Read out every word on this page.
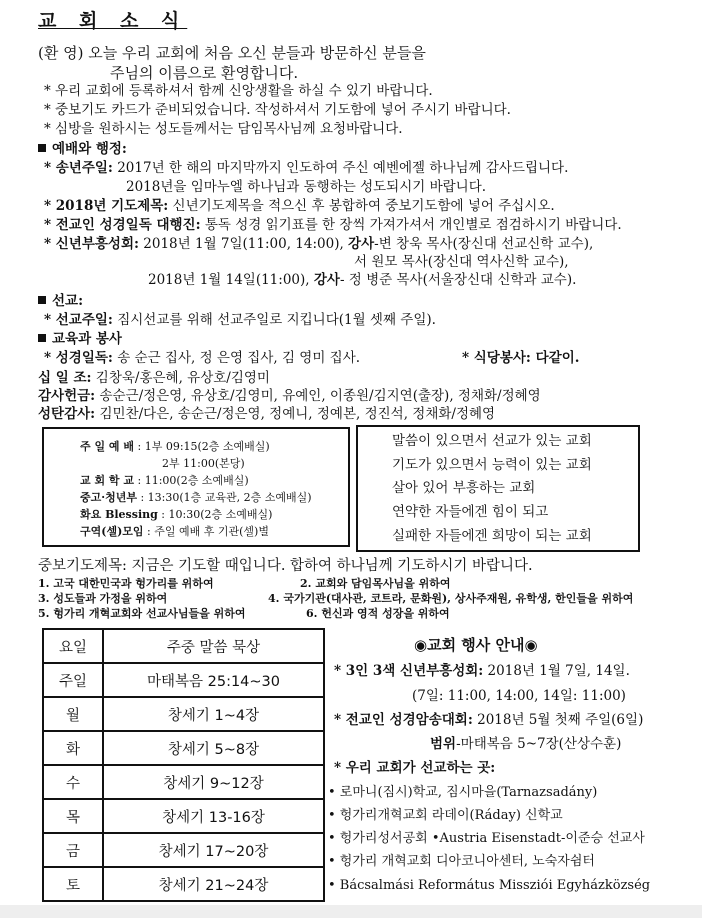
교 회 소 식
(환 영) 오늘 우리 교회에 처음 오신 분들과 방문하신 분들을
주님의 이름으로 환영합니다.
* 우리 교회에 등록하셔서 함께 신앙생활을 하실 수 있기 바랍니다.
* 중보기도 카드가 준비되었습니다. 작성하셔서 기도함에 넣어 주시기 바랍니다.
* 심방을 원하시는 성도들께서는 담임목사님께 요청바랍니다.
예배와 행정:
* 송년주일: 2017년 한 해의 마지막까지 인도하여 주신 예벤에젤 하나님께 감사드립니다.
2018년을 임마누엘 하나님과 동행하는 성도되시기 바랍니다.
* 2018년 기도제목: 신년기도제목을 적으신 후 봉합하여 중보기도함에 넣어 주십시오.
* 전교인 성경일독 대행진: 통독 성경 읽기표를 한 장씩 가져가셔서 개인별로 점검하시기 바랍니다.
* 신년부흥성회: 2018년 1월 7일(11:00, 14:00), 강사-변 창욱 목사(장신대 선교신학 교수),
서 원모 목사(장신대 역사신학 교수),
2018년 1월 14일(11:00), 강사- 정 병준 목사(서울장신대 신학과 교수).
선교:
* 선교주일: 짐시선교를 위해 선교주일로 지킵니다(1월 셋째 주일).
교육과 봉사
* 성경일독: 송 순근 집사, 정 은영 집사, 김 영미 집사.	* 식당봉사: 다같이.
십 일 조: 김창욱/홍은혜, 유상호/김영미
감사헌금: 송순근/정은영, 유상호/김영미, 유예인, 이종원/김지연(출장), 정채화/정혜영
성탄감사: 김민찬/다은, 송순근/정은영, 정예니, 정예본, 정진석, 정채화/정혜영
주 일 예 배 : 1부 09:15(2층 소예배실)
2부 11:00(본당)
교 회 학 교 : 11:00(2층 소예배실)
중고·청년부 : 13:30(1층 교육관, 2층 소예배실)
화요 Blessing : 10:30(2층 소예배실)
구역(셀)모임 : 주일 예배 후 기관(셀)별
말씀이 있으면서 선교가 있는 교회
기도가 있으면서 능력이 있는 교회
살아 있어 부흥하는 교회
연약한 자들에겐 힘이 되고
실패한 자들에겐 희망이 되는 교회
중보기도제목: 지금은 기도할 때입니다. 합하여 하나님께 기도하시기 바랍니다.
1. 고국 대한민국과 헝가리를 위하여	2. 교회와 담임목사님을 위하여
3. 성도들과 가정을 위하여	4. 국가기관(대사관, 코트라, 문화원), 상사주재원, 유학생, 한인들을 위하여
5. 헝가리 개혁교회와 선교사님들을 위하여	6. 헌신과 영적 성장을 위하여
요일	주중 말씀 묵상
주일	마태복음 25:14~30
월	창세기 1~4장
화	창세기 5~8장
수	창세기 9~12장
목	창세기 13-16장
금	창세기 17~20장
토	창세기 21~24장
◉교회 행사 안내◉
* 3인 3색 신년부흥성회: 2018년 1월 7일, 14일.
(7일: 11:00, 14:00, 14일: 11:00)
* 전교인 성경암송대회: 2018년 5월 첫째 주일(6일)
범위-마태복음 5~7장(산상수훈)
* 우리 교회가 선교하는 곳:
• 로마니(짐시)학교, 짐시마을(Tarnazsadány)
• 헝가리개혁교회 라데이(Ráday) 신학교
• 헝가리성서공회 •Austria Eisenstadt-이준승 선교사
• 헝가리 개혁교회 디아코니아센터, 노숙자쉼터
• Bácsalmási Református Missziói Egyházközség
